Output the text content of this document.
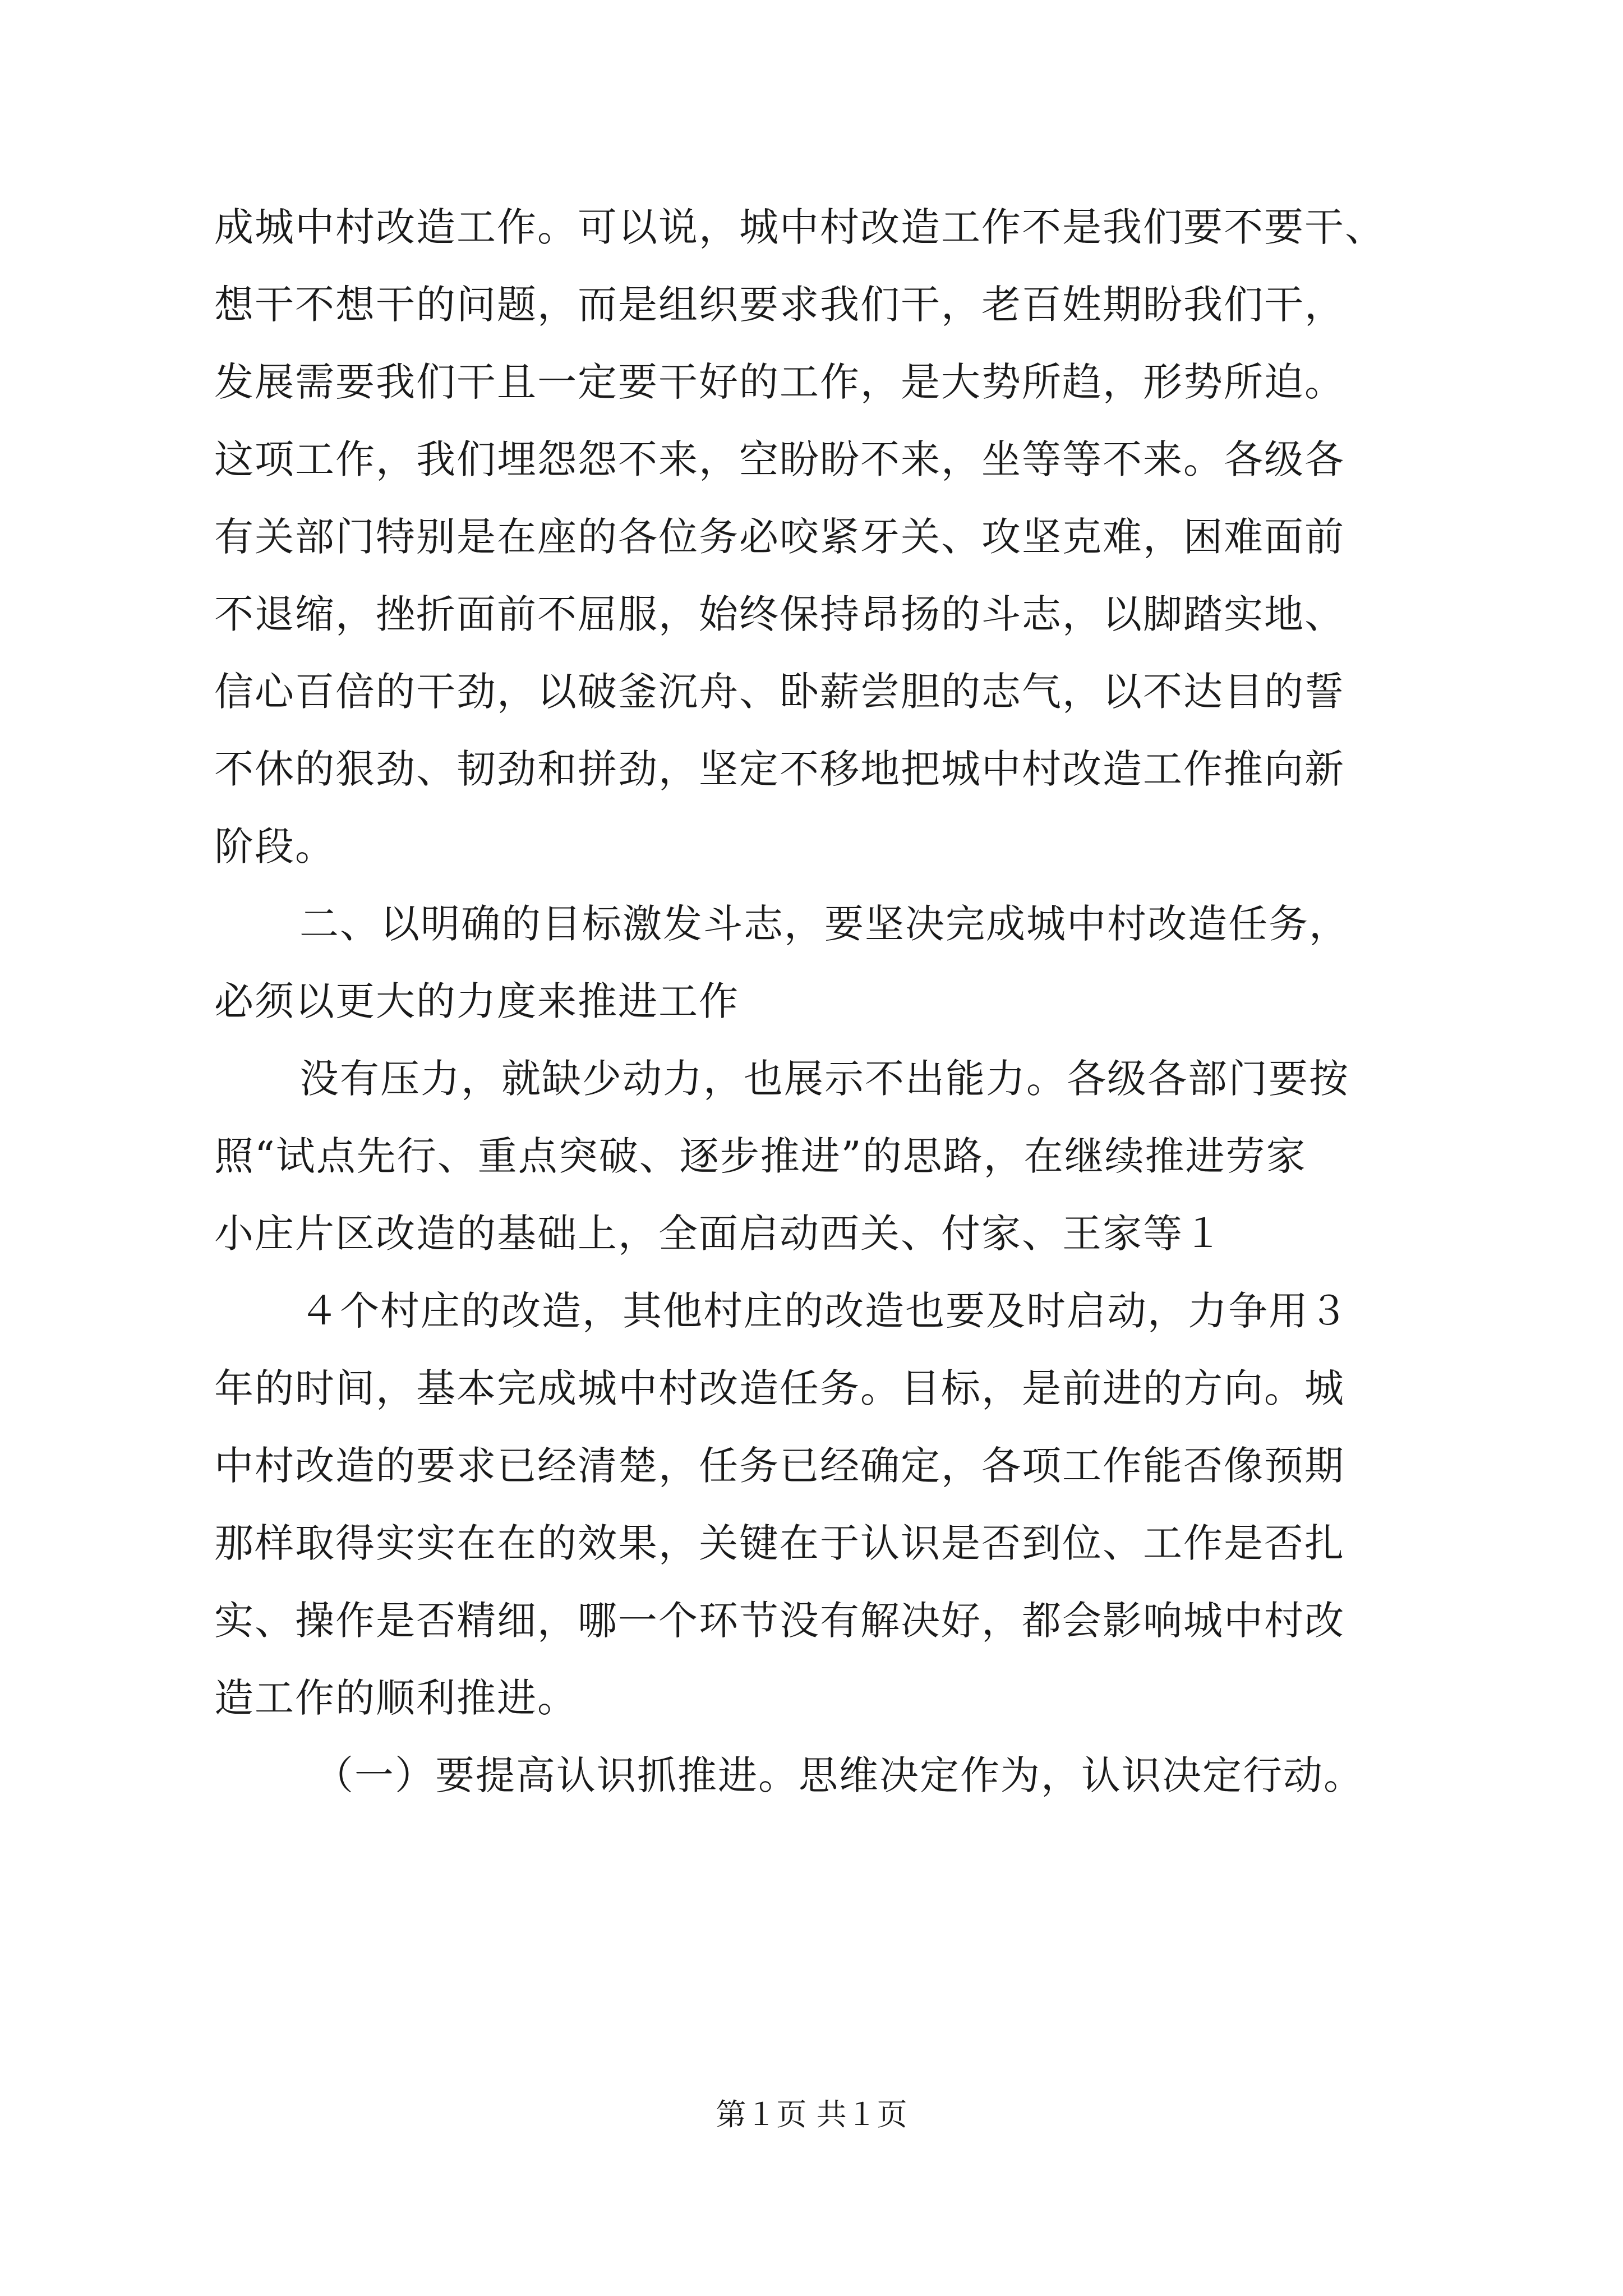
成城中村改造工作。可以说，城中村改造工作不是我们要不要干、
想干不想干的问题，而是组织要求我们干，老百姓期盼我们干，
发展需要我们干且一定要干好的工作，是大势所趋，形势所迫。
这项工作，我们埋怨怨不来，空盼盼不来，坐等等不来。各级各
有关部门特别是在座的各位务必咬紧牙关、攻坚克难，困难面前
不退缩，挫折面前不屈服，始终保持昂扬的斗志，以脚踏实地、
信心百倍的干劲，以破釜沉舟、卧薪尝胆的志气，以不达目的誓
不休的狠劲、韧劲和拼劲，坚定不移地把城中村改造工作推向新
阶段。
二、以明确的目标激发斗志，要坚决完成城中村改造任务，
必须以更大的力度来推进工作
没有压力，就缺少动力，也展示不出能力。各级各部门要按
照“试点先行、重点突破、逐步推进”的思路，在继续推进劳家
小庄片区改造的基础上，全面启动西关、付家、王家等１
４个村庄的改造，其他村庄的改造也要及时启动，力争用３
年的时间，基本完成城中村改造任务。目标，是前进的方向。城
中村改造的要求已经清楚，任务已经确定，各项工作能否像预期
那样取得实实在在的效果，关键在于认识是否到位、工作是否扎
实、操作是否精细，哪一个环节没有解决好，都会影响城中村改
造工作的顺利推进。
（一）要提高认识抓推进。思维决定作为，认识决定行动。
第１页 共１页
